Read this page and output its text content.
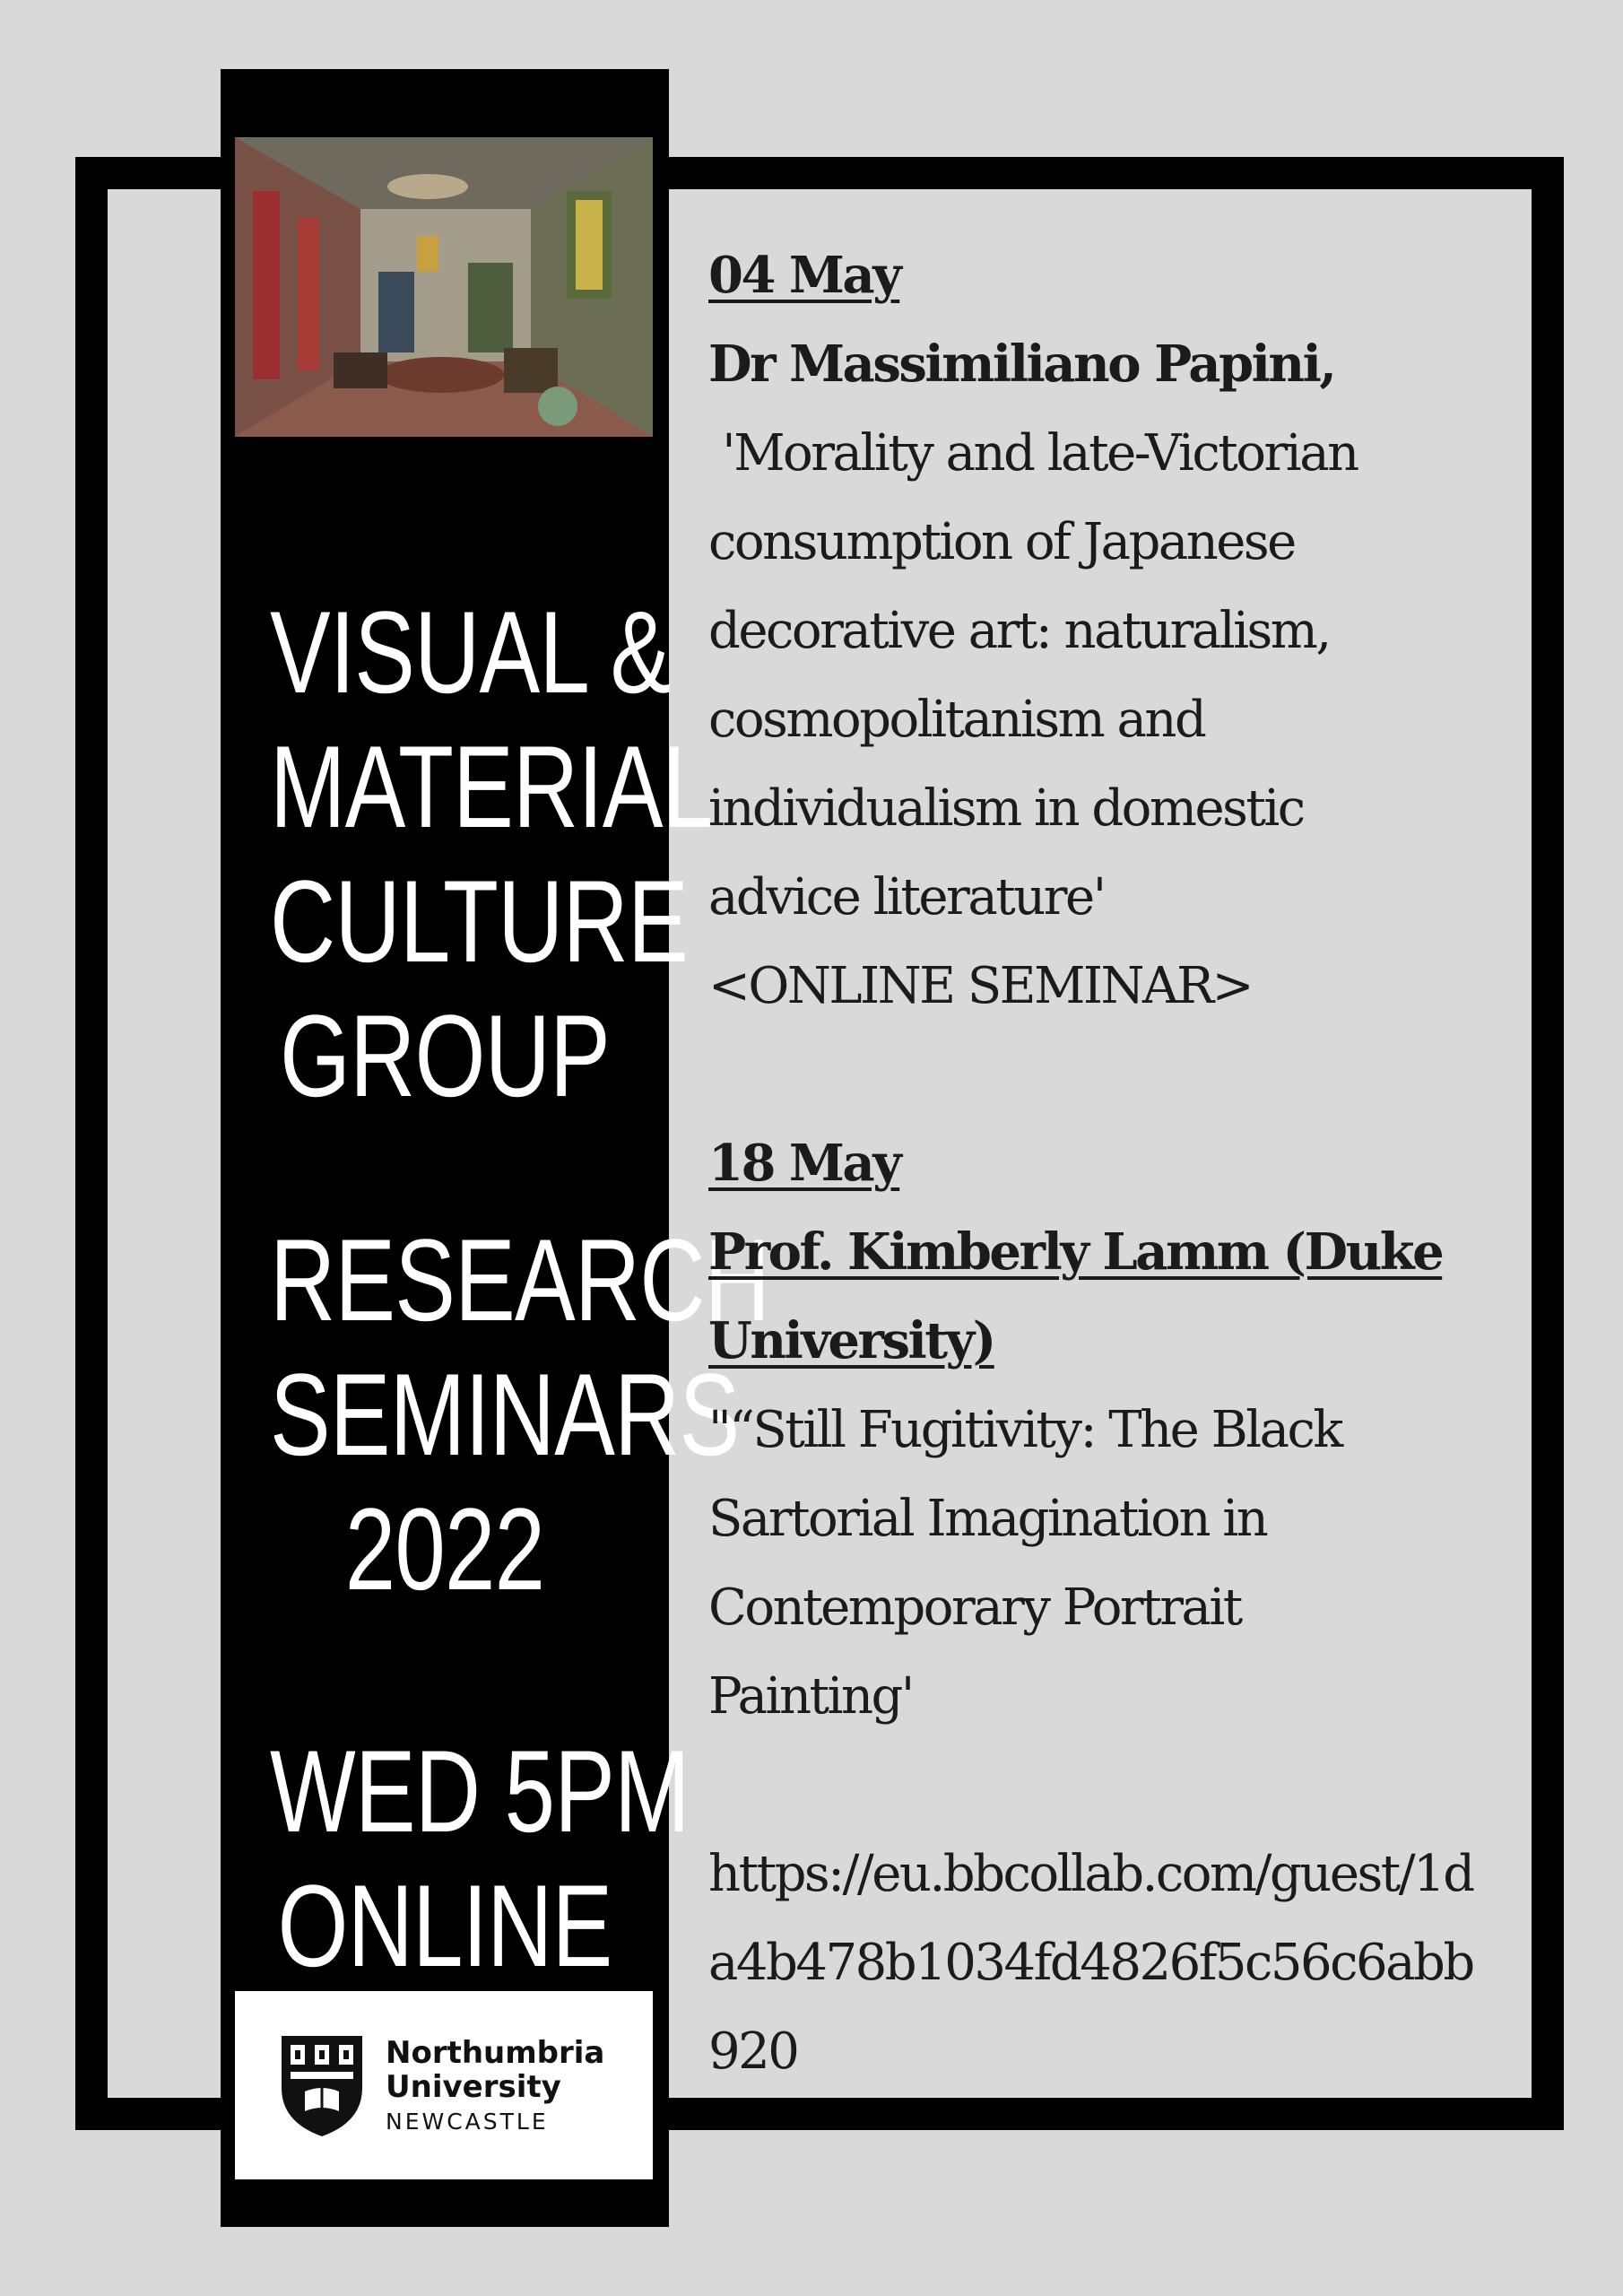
VISUAL &
MATERIAL
CULTURE
GROUP
RESEARCH
SEMINARS
2022
WED 5PM
ONLINE
Northumbria
University
NEWCASTLE
04 May
Dr Massimiliano Papini,
'Morality and late-Victorian
consumption of Japanese
decorative art: naturalism,
cosmopolitanism and
individualism in domestic
advice literature'
<ONLINE SEMINAR>
18 May
Prof. Kimberly Lamm (Duke
University)
"“Still Fugitivity: The Black
Sartorial Imagination in
Contemporary Portrait
Painting'
https://eu.bbcollab.com/guest/1d
a4b478b1034fd4826f5c56c6abb
920
